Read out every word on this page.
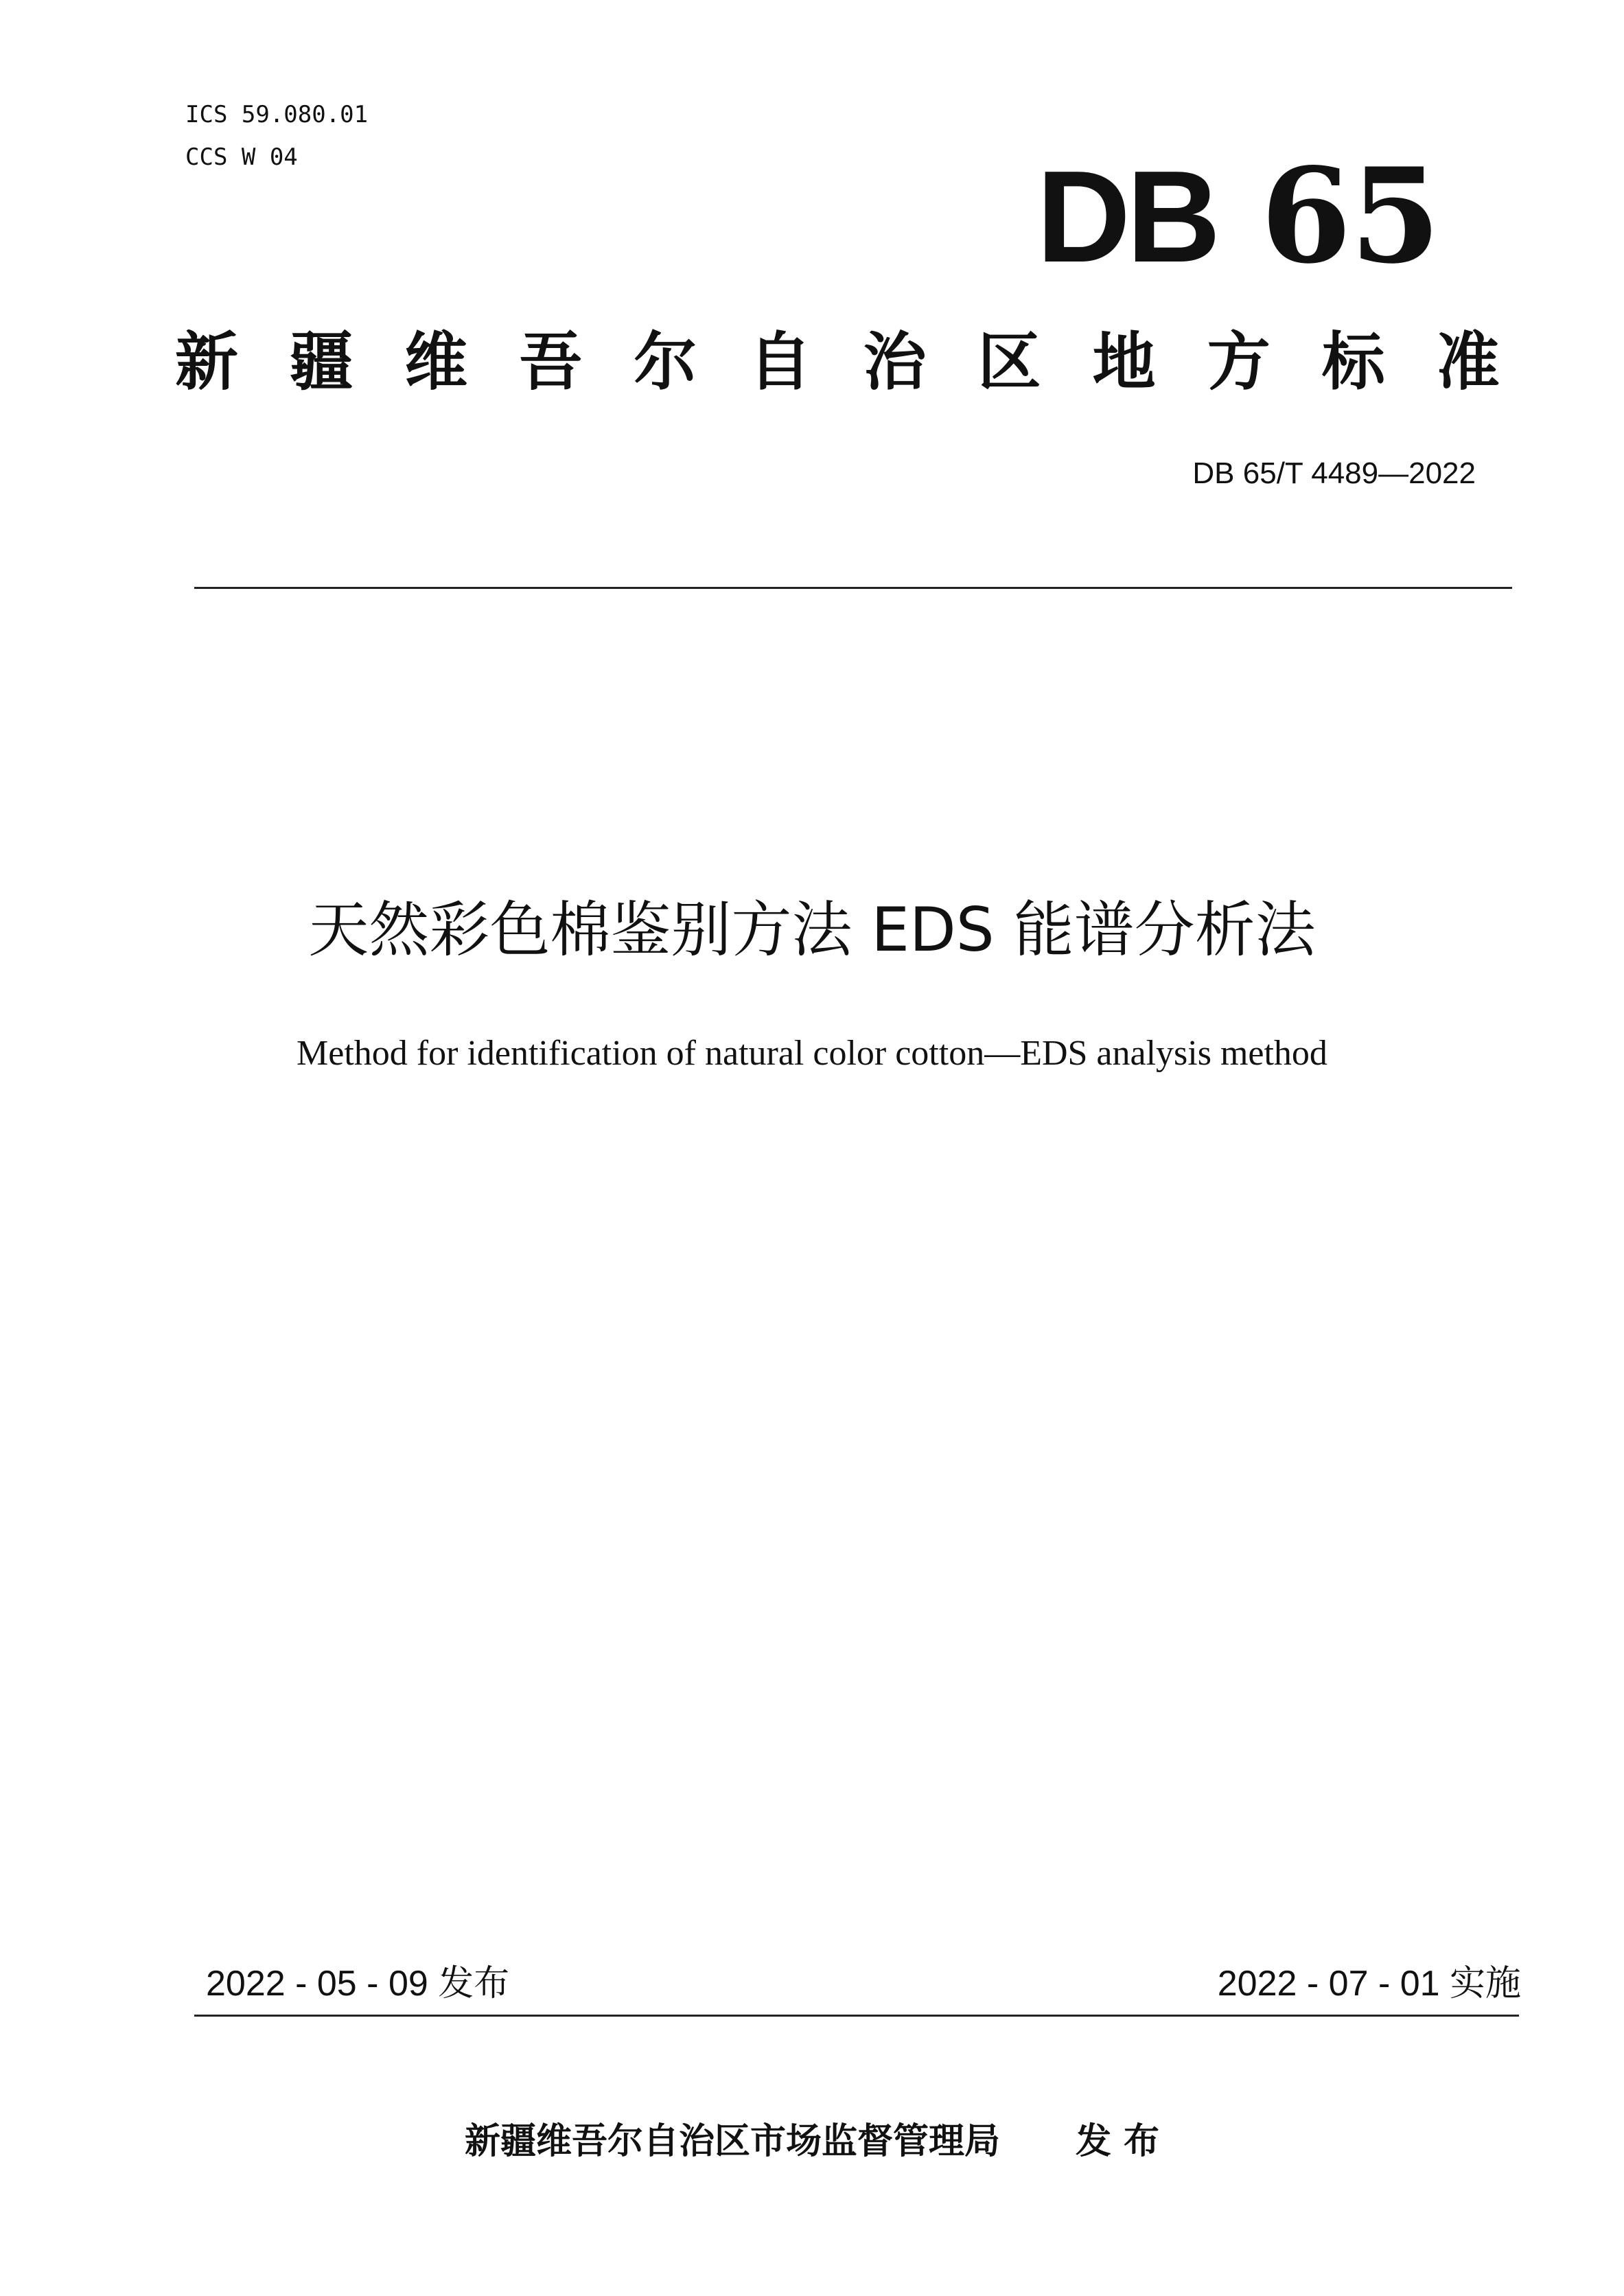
ICS 59.080.01
CCS W 04	DB 65
新 疆 维 吾 尔 自 治 区 地 方 标 准
DB 65/T 4489—2022
天然彩色棉鉴别方法 EDS 能谱分析法
Method for identification of natural color cotton—EDS analysis method
2022 - 05 - 09 发布	2022 - 07 - 01 实施
新疆维吾尔自治区市场监督管理局 发 布
